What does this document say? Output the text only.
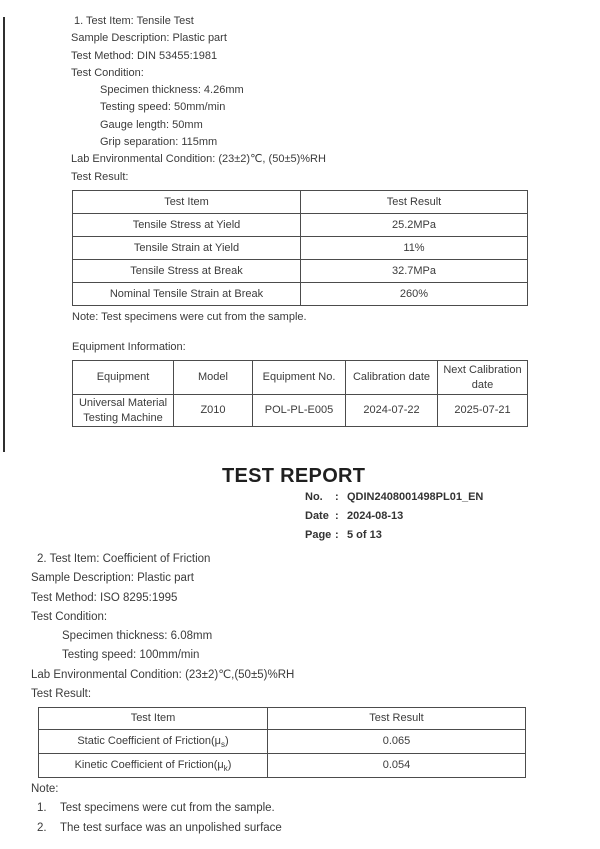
1. Test Item: Tensile Test
Sample Description: Plastic part
Test Method: DIN 53455:1981
Test Condition:
Specimen thickness: 4.26mm
Testing speed: 50mm/min
Gauge length: 50mm
Grip separation: 115mm
Lab Environmental Condition: (23±2)℃, (50±5)%RH
Test Result:
Test Item	Test Result
Tensile Stress at Yield	25.2MPa
Tensile Strain at Yield	11%
Tensile Stress at Break	32.7MPa
Nominal Tensile Strain at Break	260%
Note: Test specimens were cut from the sample.
Equipment Information:
Equipment	Model	Equipment No.	Calibration date	Next Calibration date
Universal Material Testing Machine	Z010	POL-PL-E005	2024-07-22	2025-07-21
TEST REPORT
No.	: QDIN2408001498PL01_EN
Date : 2024-08-13
Page : 5 of 13
2. Test Item: Coefficient of Friction
Sample Description: Plastic part
Test Method: ISO 8295:1995
Test Condition:
Specimen thickness: 6.08mm
Testing speed: 100mm/min
Lab Environmental Condition: (23±2)℃,(50±5)%RH
Test Result:
Test Item	Test Result
Static Coefficient of $Friction(\mu_s)$	0.065
Kinetic Coefficient of $Friction(\mu_k)$	0.054
Note:
1.	Test specimens were cut from the sample.
2.	The test surface was an unpolished surface
